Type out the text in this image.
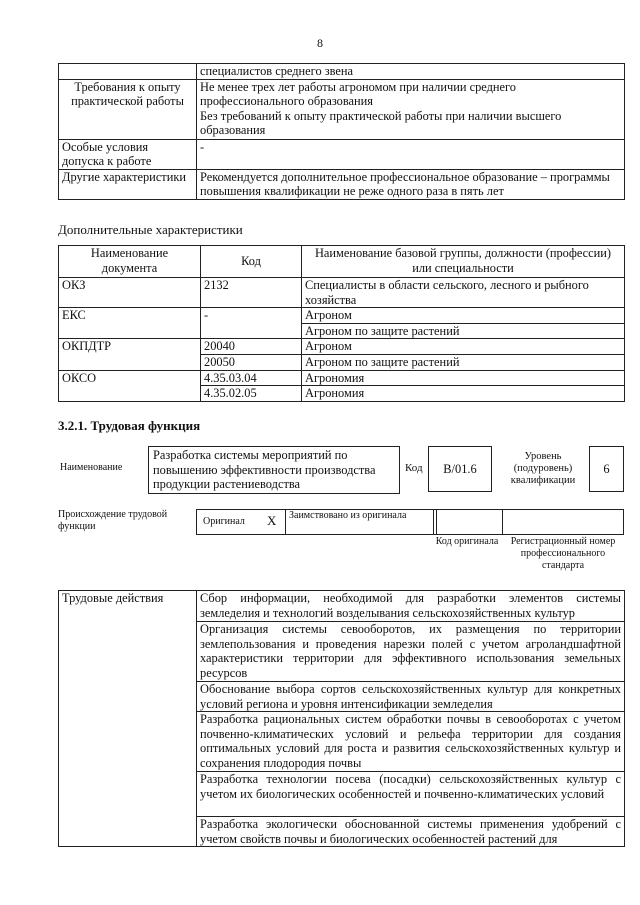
8
	специалистов среднего звена
Требования к опыту практической работы	Не менее трех лет работы агрономом при наличии среднего профессионального образования
Без требований к опыту практической работы при наличии высшего образования

Особые условия допуска к работе	-
Другие характеристики	Рекомендуется дополнительное профессиональное образование – программы повышения квалификации не реже одного раза в пять лет
Дополнительные характеристики
Наименование документа	Код	Наименование базовой группы, должности (профессии) или специальности
ОКЗ	2132	Специалисты в области сельского, лесного и рыбного хозяйства
ЕКС	-	Агроном
		Агроном по защите растений
ОКПДТР	20040	Агроном
	20050	Агроном по защите растений
ОКСО	4.35.03.04	Агрономия
	4.35.02.05	Агрономия
3.2.1. Трудовая функция
Наименование
Разработка системы мероприятий по повышению эффективности производства продукции растениеводства
Код	В/01.6
Уровень (подуровень) квалификации
6
Происхождение трудовой функции	Оригинал Х	Заимствовано из оригинала
Код оригинала	Регистрационный номер профессионального стандарта
Трудовые действия	Сбор информации, необходимой для разработки элементов системы земледелия и технологий возделывания сельскохозяйственных культур
Организация системы севооборотов, их размещения по территории землепользования и проведения нарезки полей с учетом агроландшафтной характеристики территории для эффективного использования земельных ресурсов
Обоснование выбора сортов сельскохозяйственных культур для конкретных условий региона и уровня интенсификации земледелия
Разработка рациональных систем обработки почвы в севооборотах с учетом почвенно-климатических условий и рельефа территории для создания оптимальных условий для роста и развития сельскохозяйственных культур и сохранения плодородия почвы
Разработка технологии посева (посадки) сельскохозяйственных культур с учетом их биологических особенностей и почвенно-климатических условий
Разработка экологически обоснованной системы применения удобрений с учетом свойств почвы и биологических особенностей растений для
